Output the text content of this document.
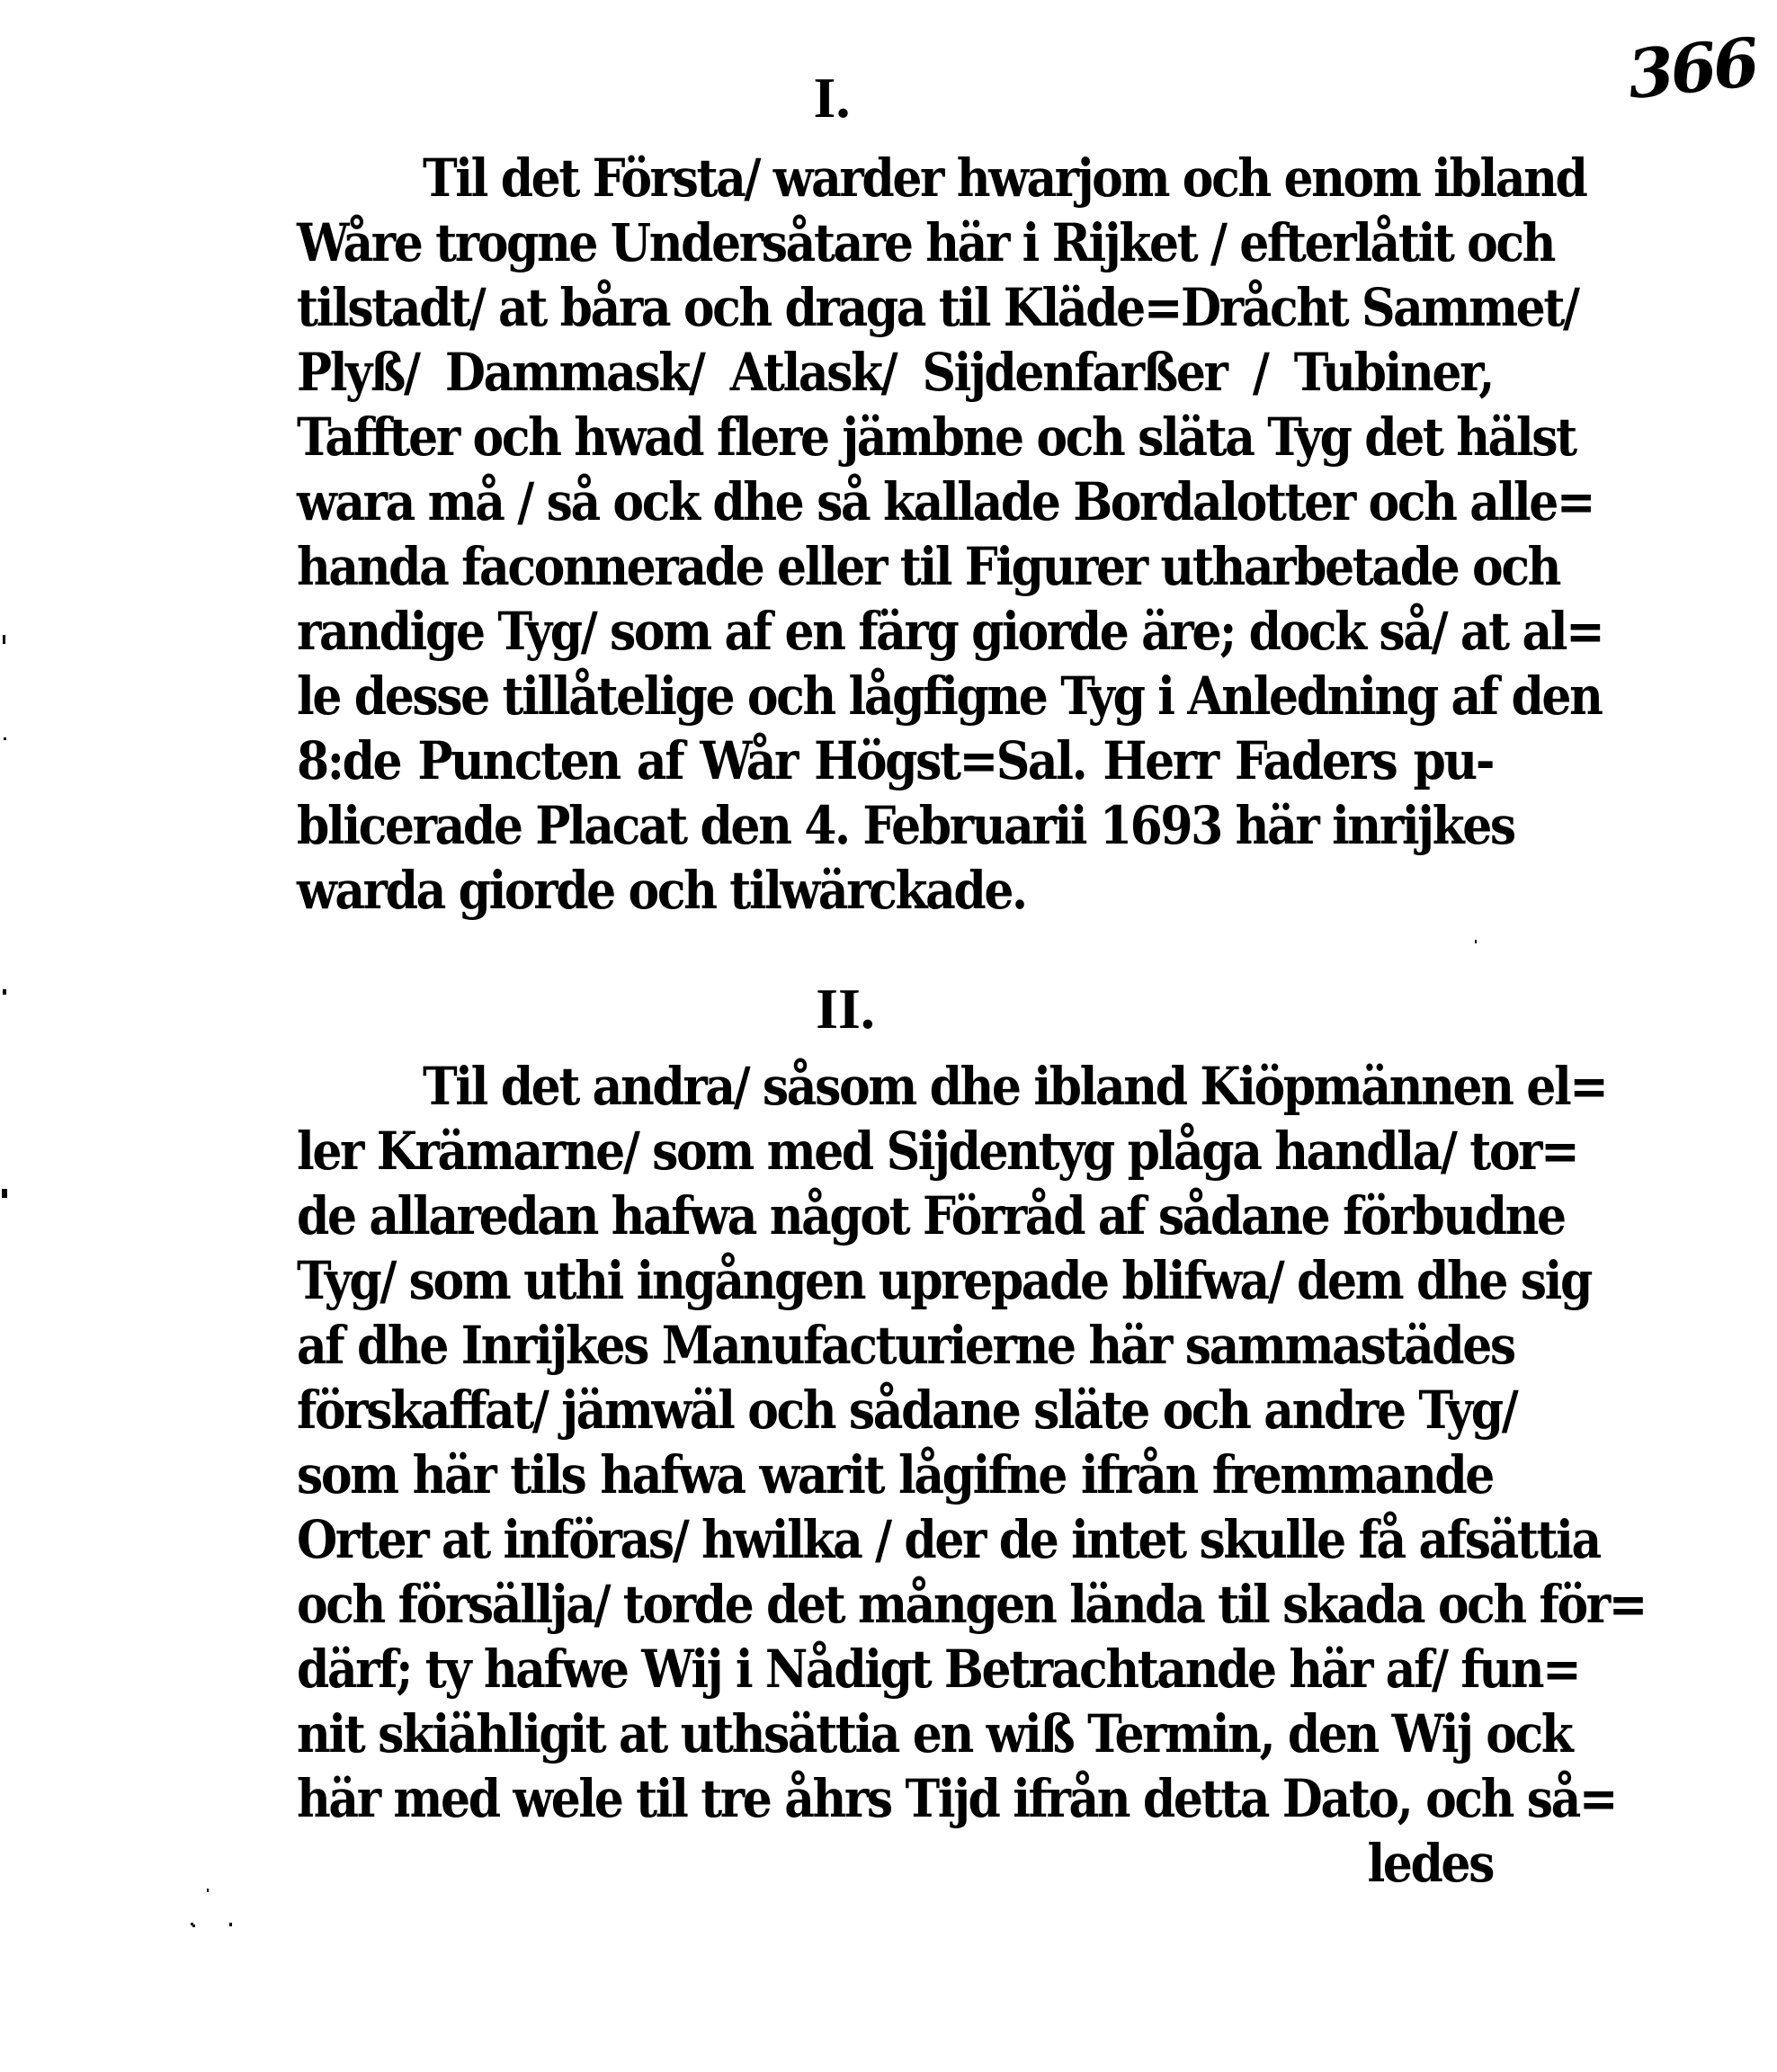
366
I.
Til det Första/ warder hwarjom och enom ibland
Wåre trogne Undersåtare här i Rijket / efterlåtit och
tilstadt/ at båra och draga til Kläde=Dråcht Sammet/
Plyß/ Dammask/ Atlask/ Sijdenfarßer / Tubiner,
Taffter och hwad flere jämbne och släta Tyg det hälst
wara må / så ock dhe så kallade Bordalotter och alle=
handa faconnerade eller til Figurer utharbetade och
randige Tyg/ som af en färg giorde äre; dock så/ at al=
le desse tillåtelige och lågfigne Tyg i Anledning af den
8:de Puncten af Wår Högst=Sal. Herr Faders pu-
blicerade Placat den 4. Februarii 1693 här inrijkes
warda giorde och tilwärckade.
II.
Til det andra/ såsom dhe ibland Kiöpmännen el=
ler Krämarne/ som med Sijdentyg plåga handla/ tor=
de allaredan hafwa något Förråd af sådane förbudne
Tyg/ som uthi ingången uprepade blifwa/ dem dhe sig
af dhe Inrijkes Manufacturierne här sammastädes
förskaffat/ jämwäl och sådane släte och andre Tyg/
som här tils hafwa warit lågifne ifrån fremmande
Orter at införas/ hwilka / der de intet skulle få afsättia
och försällja/ torde det mången lända til skada och för=
därf; ty hafwe Wij i Nådigt Betrachtande här af/ fun=
nit skiähligit at uthsättia en wiß Termin, den Wij ock
här med wele til tre åhrs Tijd ifrån detta Dato, och så=
ledes
